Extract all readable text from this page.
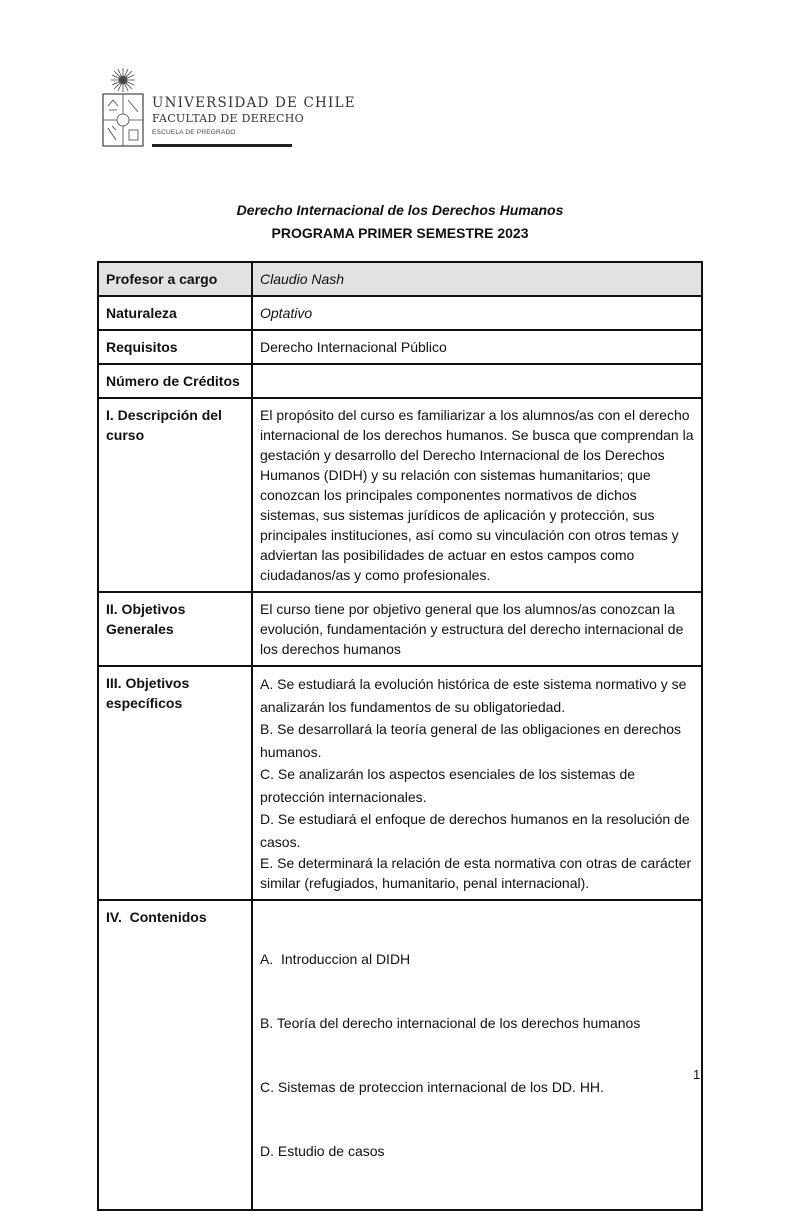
UNIVERSIDAD DE CHILE
FACULTAD DE DERECHO
ESCUELA DE PREGRADO
Derecho Internacional de los Derechos Humanos
PROGRAMA PRIMER SEMESTRE 2023
Profesor a cargo	Claudio Nash
Naturaleza	Optativo
Requisitos	Derecho Internacional Público
Número de Créditos	
I. Descripción del curso	El propósito del curso es familiarizar a los alumnos/as con el derecho internacional de los derechos humanos. Se busca que comprendan la gestación y desarrollo del Derecho Internacional de los Derechos Humanos (DIDH) y su relación con sistemas humanitarios; que conozcan los principales componentes normativos de dichos sistemas, sus sistemas jurídicos de aplicación y protección, sus principales instituciones, así como su vinculación con otros temas y adviertan las posibilidades de actuar en estos campos como ciudadanos/as y como profesionales.
II. Objetivos Generales	El curso tiene por objetivo general que los alumnos/as conozcan la evolución, fundamentación y estructura del derecho internacional de los derechos humanos
III. Objetivos específicos	A. Se estudiará la evolución histórica de este sistema normativo y se analizarán los fundamentos de su obligatoriedad.
B. Se desarrollará la teoría general de las obligaciones en derechos humanos.
C. Se analizarán los aspectos esenciales de los sistemas de protección internacionales.
D. Se estudiará el enfoque de derechos humanos en la resolución de casos.
E. Se determinará la relación de esta normativa con otras de carácter similar (refugiados, humanitario, penal internacional).

IV.  Contenidos	A.  Introduccion al DIDH

B. Teoría del derecho internacional de los derechos humanos

C. Sistemas de proteccion internacional de los DD. HH.

D. Estudio de casos

1
